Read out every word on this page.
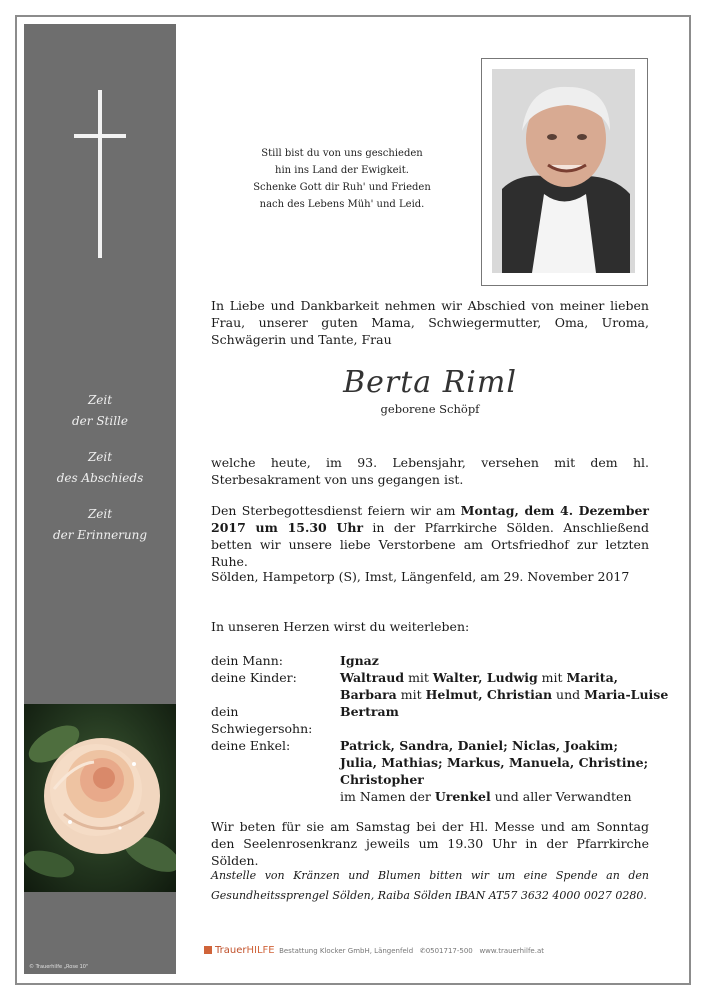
Zeit
der Stille
Zeit
des Abschieds
Zeit
der Erinnerung
© Trauerhilfe „Rose 10"
Still bist du von uns geschieden
hin ins Land der Ewigkeit.
Schenke Gott dir Ruh' und Frieden
nach des Lebens Müh' und Leid.
In Liebe und Dankbarkeit nehmen wir Abschied von meiner lieben Frau, unserer guten Mama, Schwiegermutter, Oma, Uroma, Schwägerin und Tante, Frau
Berta Riml
geborene Schöpf
welche heute, im 93. Lebensjahr, versehen mit dem hl. Sterbesakrament von uns gegangen ist.
Den Sterbegottesdienst feiern wir am Montag, dem 4. Dezember 2017 um 15.30 Uhr in der Pfarrkirche Sölden. Anschließend betten wir unsere liebe Verstorbene am Ortsfriedhof zur letzten Ruhe.
Sölden, Hampetorp (S), Imst, Längenfeld, am 29. November 2017
In unseren Herzen wirst du weiterleben:
dein Mann:	Ignaz
deine Kinder:	Waltraud mit Walter, Ludwig mit Marita,
	Barbara mit Helmut, Christian und Maria-Luise
dein Schwiegersohn:	Bertram
deine Enkel:	Patrick, Sandra, Daniel; Niclas, Joakim;
	Julia, Mathias; Markus, Manuela, Christine;
	Christopher
	im Namen der Urenkel und aller Verwandten
Wir beten für sie am Samstag bei der Hl. Messe und am Sonntag den Seelenrosenkranz jeweils um 19.30 Uhr in der Pfarrkirche Sölden.
Anstelle von Kränzen und Blumen bitten wir um eine Spende an den Gesundheitssprengel Sölden, Raiba Sölden IBAN AT57 3632 4000 0027 0280.
TrauerHILFE Bestattung Klocker GmbH, Längenfeld ✆0501717-500 www.trauerhilfe.at
